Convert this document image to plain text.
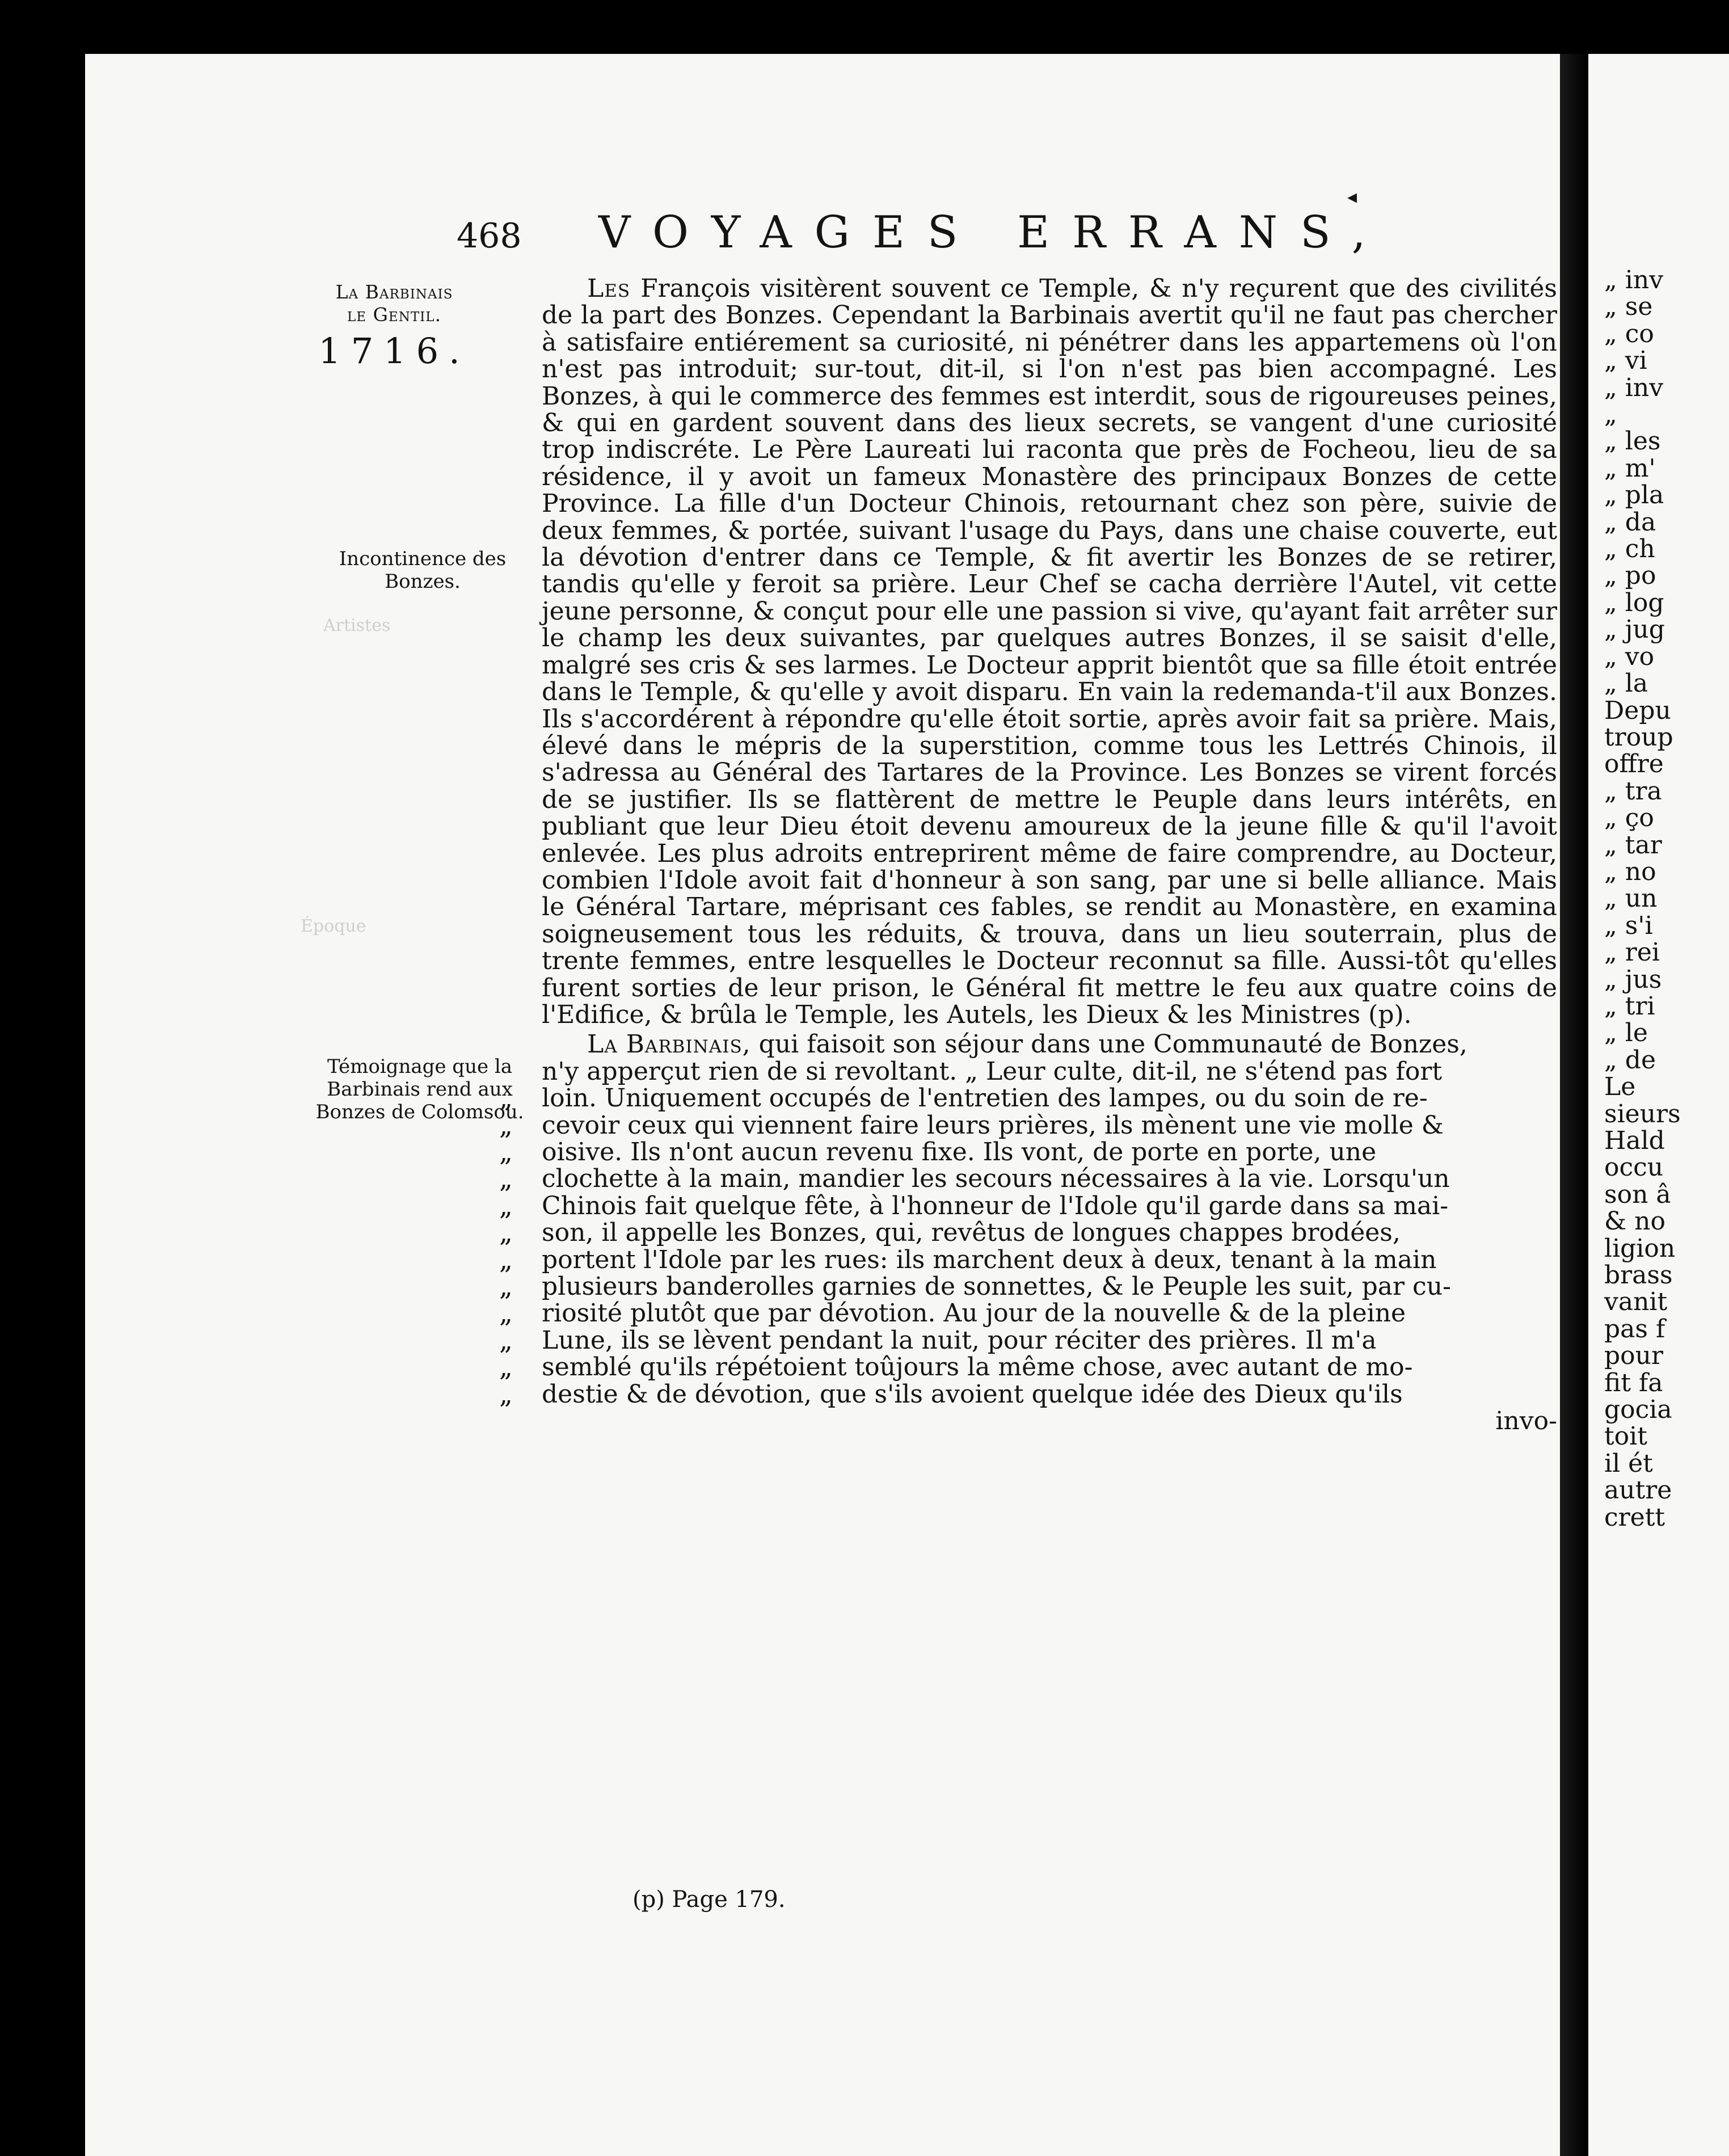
468 VOYAGES ERRANS,
◂
La Barbinais
le Gentil.
1716.
Incontinence des Bonzes.
Témoignage que la Barbinais rend aux Bonzes de Colomsou.
Artistes
Époque

Les François visitèrent souvent ce Temple, & n'y reçurent que des civilités de la part des Bonzes. Cependant la Barbinais avertit qu'il ne faut pas chercher à satisfaire entiérement sa curiosité, ni pénétrer dans les appartemens où l'on n'est pas introduit; sur-tout, dit-il, si l'on n'est pas bien accompagné. Les Bonzes, à qui le commerce des femmes est interdit, sous de rigoureuses peines, & qui en gardent souvent dans des lieux secrets, se vangent d'une curiosité trop indiscréte. Le Père Laureati lui raconta que près de Focheou, lieu de sa résidence, il y avoit un fameux Monastère des principaux Bonzes de cette Province. La fille d'un Docteur Chinois, retournant chez son père, suivie de deux femmes, & portée, suivant l'usage du Pays, dans une chaise couverte, eut la dévotion d'entrer dans ce Temple, & fit avertir les Bonzes de se retirer, tandis qu'elle y feroit sa prière. Leur Chef se cacha derrière l'Autel, vit cette jeune personne, & conçut pour elle une passion si vive, qu'ayant fait arrêter sur le champ les deux suivantes, par quelques autres Bonzes, il se saisit d'elle, malgré ses cris & ses larmes. Le Docteur apprit bientôt que sa fille étoit entrée dans le Temple, & qu'elle y avoit disparu. En vain la redemanda-t'il aux Bonzes. Ils s'accordérent à répondre qu'elle étoit sortie, après avoir fait sa prière. Mais, élevé dans le mépris de la superstition, comme tous les Lettrés Chinois, il s'adressa au Général des Tartares de la Province. Les Bonzes se virent forcés de se justifier. Ils se flattèrent de mettre le Peuple dans leurs intérêts, en publiant que leur Dieu étoit devenu amoureux de la jeune fille & qu'il l'avoit enlevée. Les plus adroits entreprirent même de faire comprendre, au Docteur, combien l'Idole avoit fait d'honneur à son sang, par une si belle alliance. Mais le Général Tartare, méprisant ces fables, se rendit au Monastère, en examina soigneusement tous les réduits, & trouva, dans un lieu souterrain, plus de trente femmes, entre lesquelles le Docteur reconnut sa fille. Aussi-tôt qu'elles furent sorties de leur prison, le Général fit mettre le feu aux quatre coins de l'Edifice, & brûla le Temple, les Autels, les Dieux & les Ministres (p).

La Barbinais, qui faisoit son séjour dans une Communauté de Bonzes,
n'y apperçut rien de si revoltant. „ Leur culte, dit-il, ne s'étend pas fort
„ loin. Uniquement occupés de l'entretien des lampes, ou du soin de re-
„ cevoir ceux qui viennent faire leurs prières, ils mènent une vie molle &
„ oisive. Ils n'ont aucun revenu fixe. Ils vont, de porte en porte, une
„ clochette à la main, mandier les secours nécessaires à la vie. Lorsqu'un
„ Chinois fait quelque fête, à l'honneur de l'Idole qu'il garde dans sa mai-
„ son, il appelle les Bonzes, qui, revêtus de longues chappes brodées,
„ portent l'Idole par les rues: ils marchent deux à deux, tenant à la main
„ plusieurs banderolles garnies de sonnettes, & le Peuple les suit, par cu-
„ riosité plutôt que par dévotion. Au jour de la nouvelle & de la pleine
„ Lune, ils se lèvent pendant la nuit, pour réciter des prières. Il m'a
„ semblé qu'ils répétoient toûjours la même chose, avec autant de mo-
„ destie & de dévotion, que s'ils avoient quelque idée des Dieux qu'ils
invo-
(p) Page 179.
„ inv
„ se
„ co
„ vi
„ inv
„
„ les
„ m'
„ pla
„ da
„ ch
„ po
„ log
„ jug
„ vo
„ la
Depu
troup
offre
„ tra
„ ço
„ tar
„ no
„ un
„ s'i
„ rei
„ jus
„ tri
„ le
„ de
Le
sieurs
Hald
occu
son â
& no
ligion
brass
vanit
pas f
pour
fit fa
gocia
toit
il ét
autre
crett
